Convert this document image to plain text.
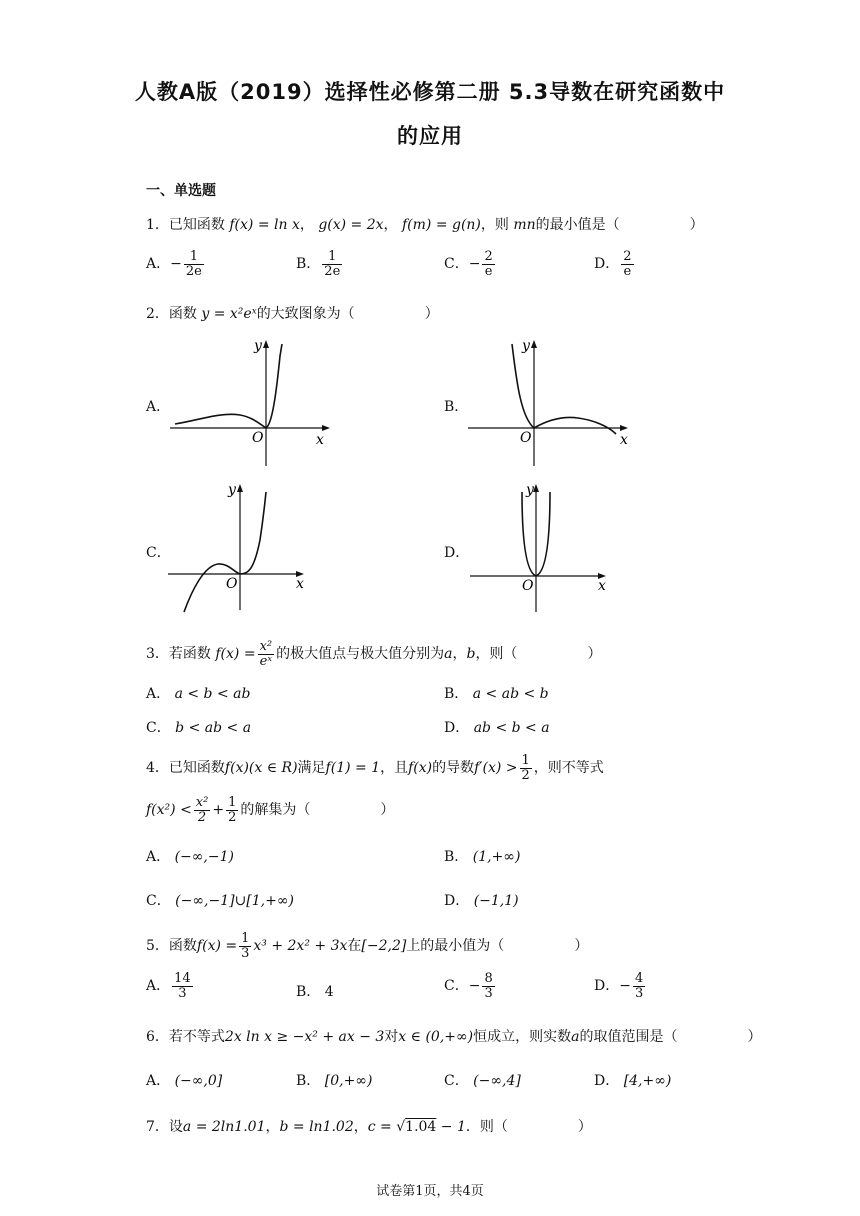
人教A版（2019）选择性必修第二册 5.3导数在研究函数中
的应用
一、单选题
1．已知函数 f(x) = ln x， g(x) = 2x， f(m) = g(n)，则 mn的最小值是（	）
A．− $\frac{1}{2e}$	B． $\frac{1}{2e}$	C．− $\frac{2}{e}$	D． $\frac{2}{e}$
2．函数 y = x²eˣ的大致图象为（	）
A．
O
y
x
B．
O
y
x
C．
O
y
x
D．
O
y
x
3．若函数 $f(x) = \frac{\text{x²}}{\text{eˣ}}$ 的极大值点与极大值分别为a，b，则（	）
A． a < b < ab	B． a < ab < b
C． b < ab < a	D． ab < b < a
4．已知函数f(x)(x ∈ R)满足f(1) = 1，且f(x)的导数$f'(x) > \frac{1}{2}$ ，则不等式
$f(x^2) < \frac{\text{x²}}{2} + \frac{1}{2}$ 的解集为（	）
A． (−∞,−1)	B． (1,+∞)
C． (−∞,−1]∪[1,+∞)	D． (−1,1)
5．函数$f(x) = \frac{1}{3} x^3 + 2x^2 + 3x$在[−2,2]上的最小值为（	）
A． $\frac{14}{3}$	B． 4	C．− $\frac{8}{3}$	D．− $\frac{4}{3}$
6．若不等式2x ln x ≥ −x² + ax − 3对x ∈ (0,+∞)恒成立，则实数a的取值范围是（	）
A． (−∞,0]	B． [0,+∞)	C． (−∞,4]	D． [4,+∞)
7．设a = 2ln1.01，b = ln1.02，c = √1.04 − 1．则（	）
试卷第1页，共4页
